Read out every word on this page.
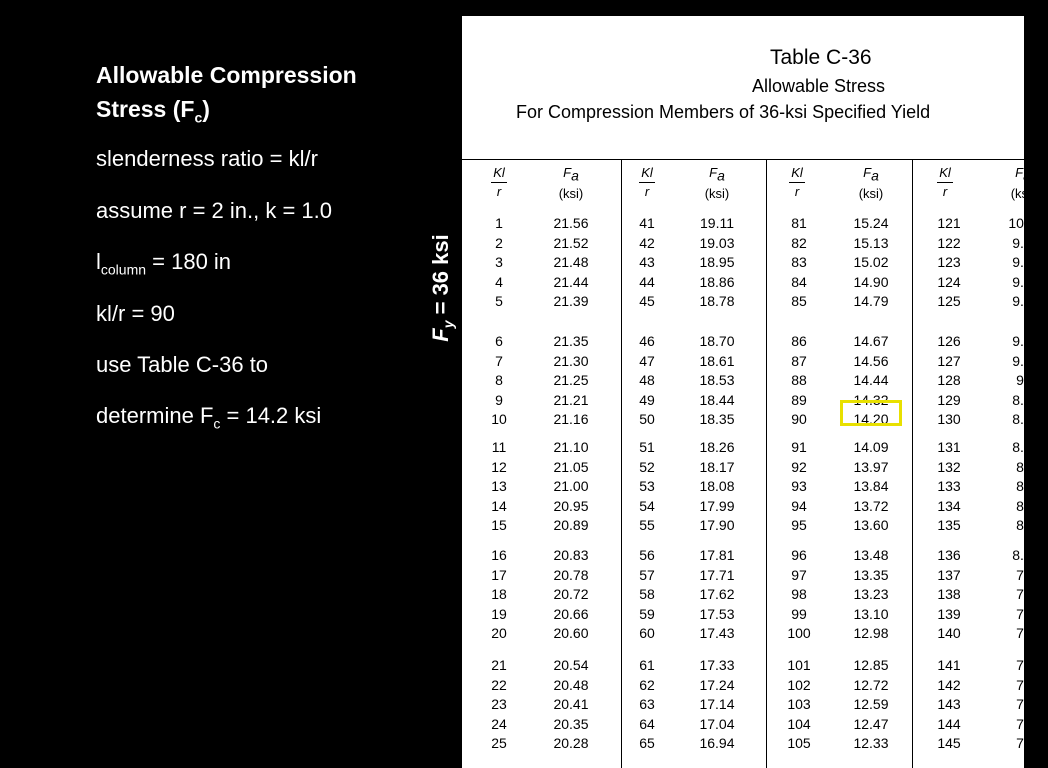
Allowable Compression
Stress $(F_c)$

slenderness ratio = kl/r

assume r = 2 in., k = 1.0

$l_{column} = 180$ in

kl/r = 90

use Table C-36 to

determine $F_c = 14.2$ ksi

$F_y = 36$ ksi
Table C-36
Allowable Stress
For Compression Members of 36-ksi Specified Yield
Kl
r
$F_a$
(ksi)
Kl
r
$F_a$
(ksi)
Kl
r
$F_a$
(ksi)
Kl
r
$F_a$
(ksi)
1
2
3
4
5
6
7
8
9
10
11
12
13
14
15
16
17
18
19
20
21
22
23
24
25
21.56
21.52
21.48
21.44
21.39
21.35
21.30
21.25
21.21
21.16
21.10
21.05
21.00
20.95
20.89
20.83
20.78
20.72
20.66
20.60
20.54
20.48
20.41
20.35
20.28
41
42
43
44
45
46
47
48
49
50
51
52
53
54
55
56
57
58
59
60
61
62
63
64
65
19.11
19.03
18.95
18.86
18.78
18.70
18.61
18.53
18.44
18.35
18.26
18.17
18.08
17.99
17.90
17.81
17.71
17.62
17.53
17.43
17.33
17.24
17.14
17.04
16.94
81
82
83
84
85
86
87
88
89
90
91
92
93
94
95
96
97
98
99
100
101
102
103
104
105
15.24
15.13
15.02
14.90
14.79
14.67
14.56
14.44
14.32
14.20
14.09
13.97
13.84
13.72
13.60
13.48
13.35
13.23
13.10
12.98
12.85
12.72
12.59
12.47
12.33
121
122
123
124
125
126
127
128
129
130
131
132
133
134
135
136
137
138
139
140
141
142
143
144
145
10.7
9.5
9.8
9.7
9.5
9.4
9.3
9.
8.9
8.8
8.7
8.
8.
8.
8.
8.6
7.
7.
7.
7.
7.
7.
7.
7.
7.
